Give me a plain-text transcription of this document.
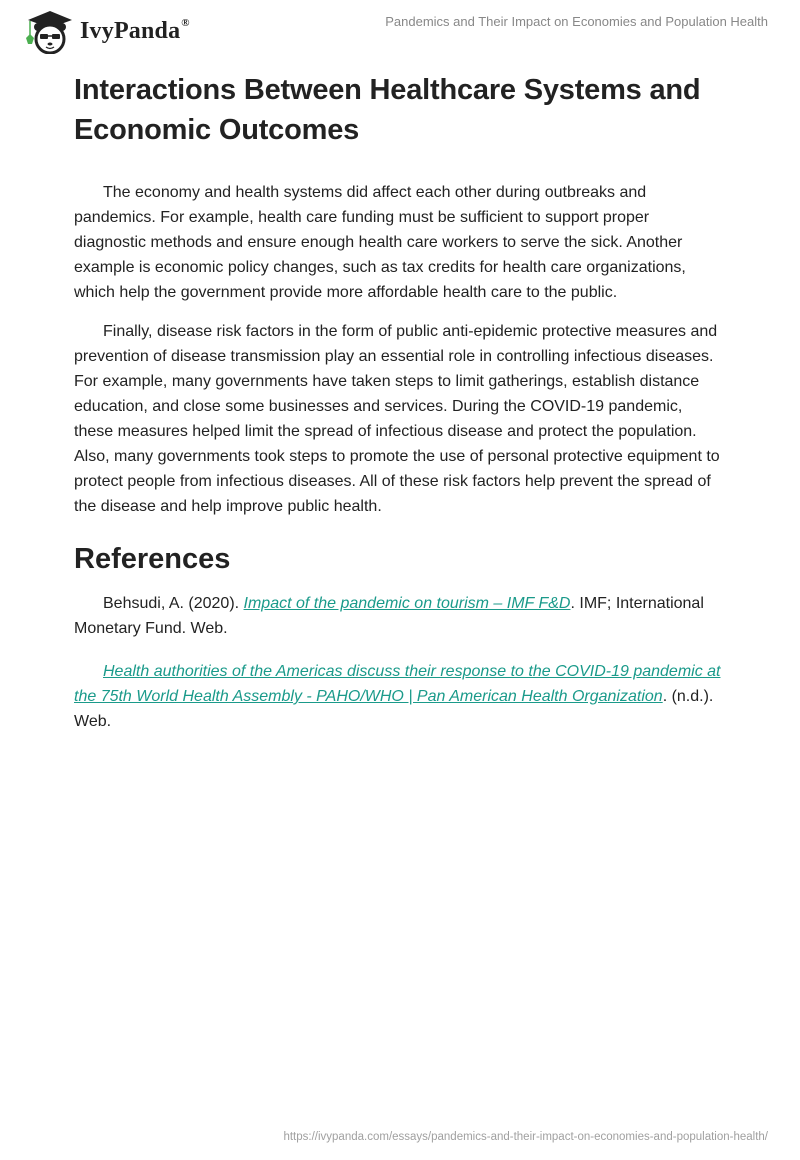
IvyPanda®	Pandemics and Their Impact on Economies and Population Health
Interactions Between Healthcare Systems and Economic Outcomes

The economy and health systems did affect each other during outbreaks and pandemics. For example, health care funding must be sufficient to support proper diagnostic methods and ensure enough health care workers to serve the sick. Another example is economic policy changes, such as tax credits for health care organizations, which help the government provide more affordable health care to the public.

Finally, disease risk factors in the form of public anti-epidemic protective measures and prevention of disease transmission play an essential role in controlling infectious diseases. For example, many governments have taken steps to limit gatherings, establish distance education, and close some businesses and services. During the COVID-19 pandemic, these measures helped limit the spread of infectious disease and protect the population. Also, many governments took steps to promote the use of personal protective equipment to protect people from infectious diseases. All of these risk factors help prevent the spread of the disease and help improve public health.

References
Behsudi, A. (2020). Impact of the pandemic on tourism – IMF F&D. IMF; International Monetary Fund. Web.
Health authorities of the Americas discuss their response to the COVID-19 pandemic at the 75th World Health Assembly - PAHO/WHO | Pan American Health Organization. (n.d.). Web.
https://ivypanda.com/essays/pandemics-and-their-impact-on-economies-and-population-health/
